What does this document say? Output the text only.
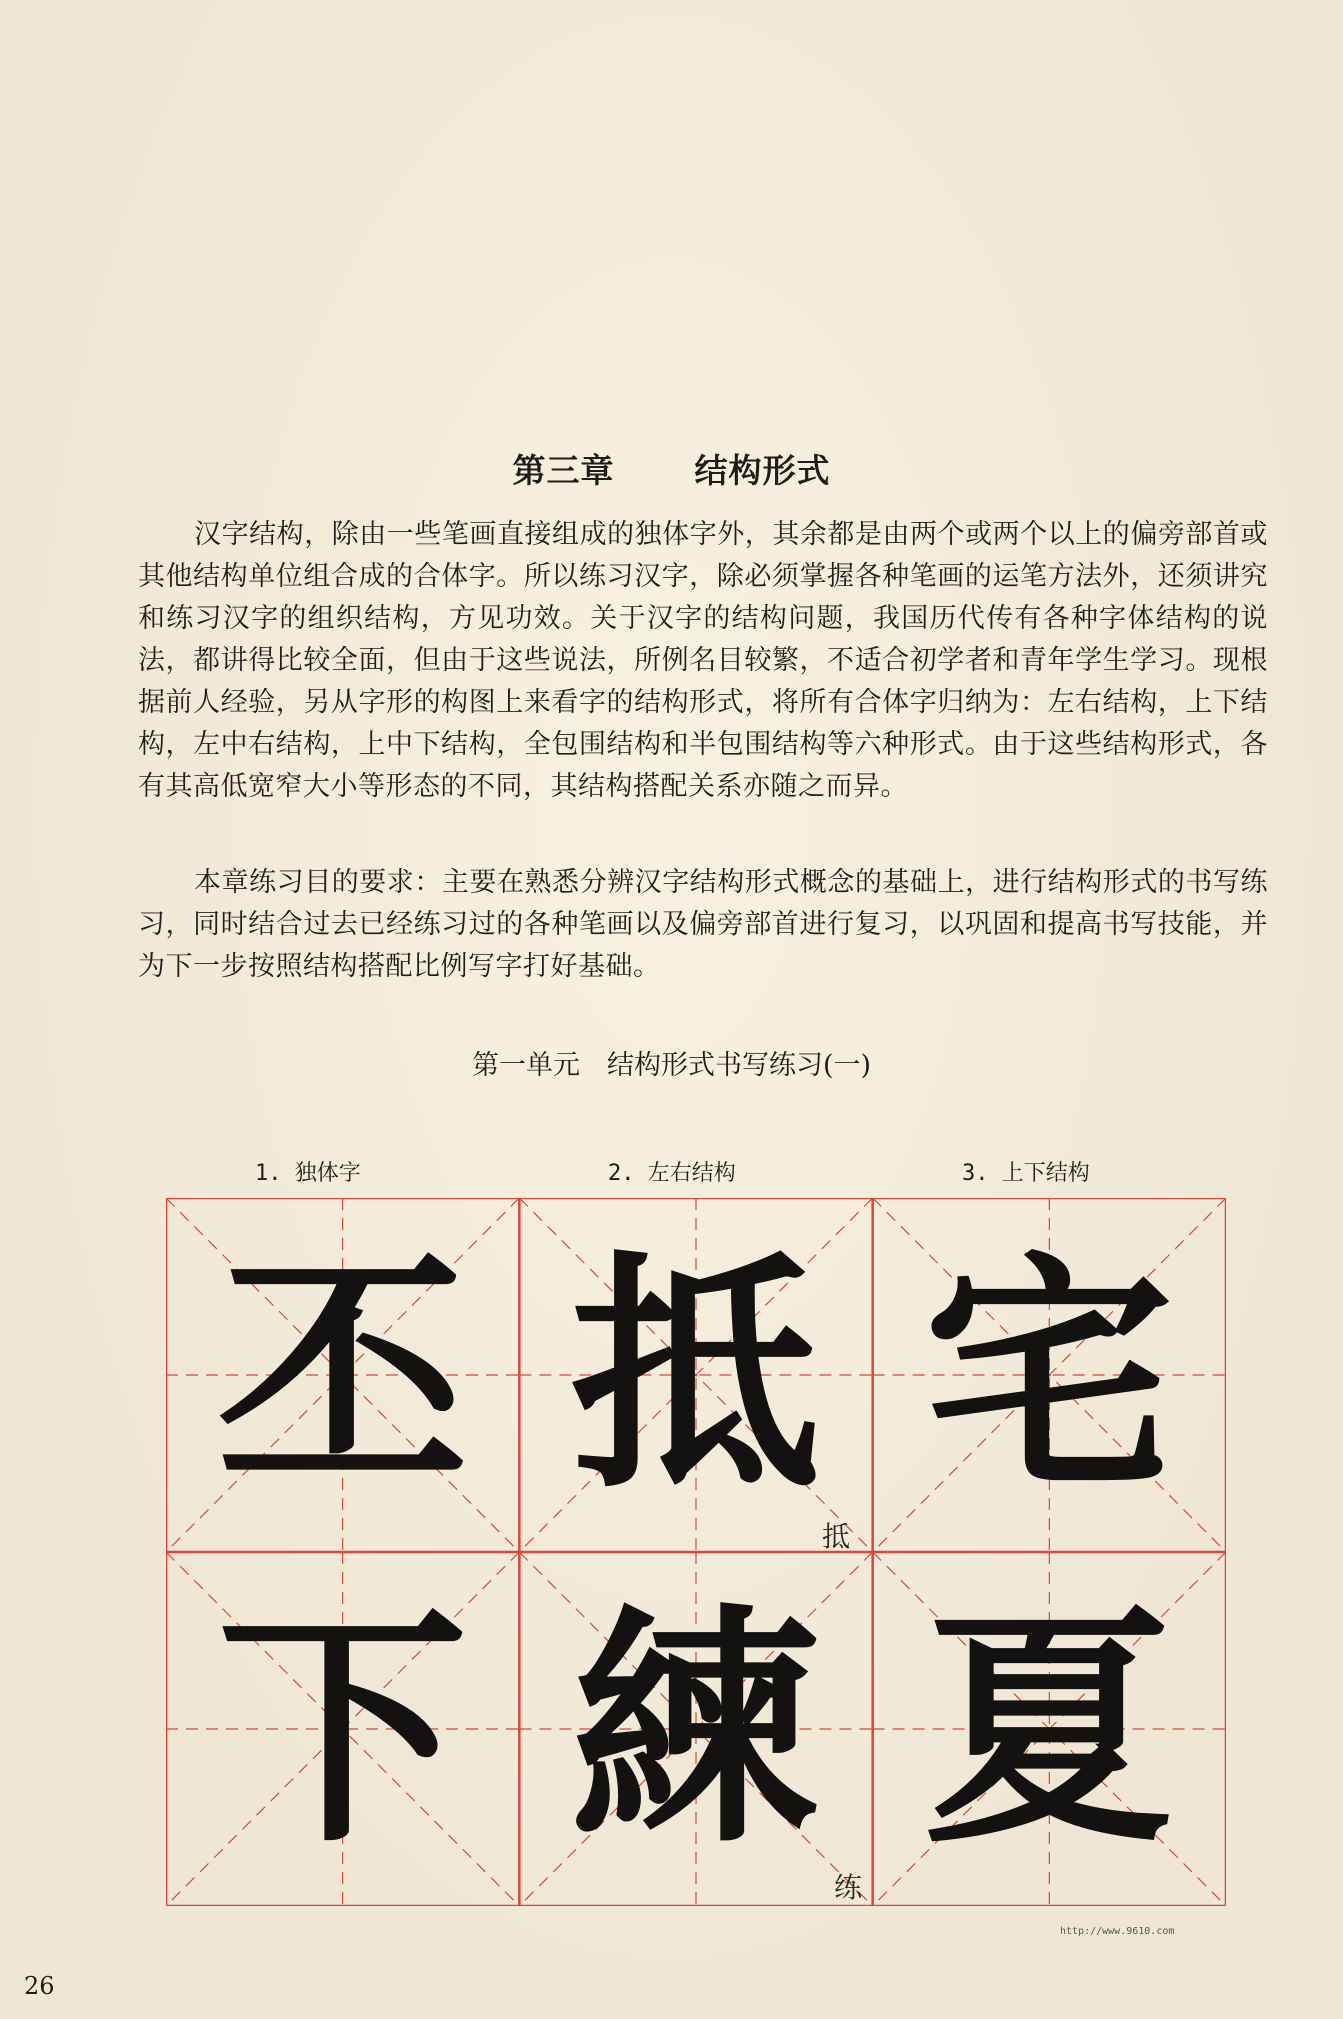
第三章 结构形式
汉字结构，除由一些笔画直接组成的独体字外，其余都是由两个或两个以上的偏旁部首或其他结构单位组合成的合体字。所以练习汉字，除必须掌握各种笔画的运笔方法外，还须讲究和练习汉字的组织结构，方见功效。关于汉字的结构问题，我国历代传有各种字体结构的说法，都讲得比较全面，但由于这些说法，所例名目较繁，不适合初学者和青年学生学习。现根据前人经验，另从字形的构图上来看字的结构形式，将所有合体字归纳为：左右结构，上下结构，左中右结构，上中下结构，全包围结构和半包围结构等六种形式。由于这些结构形式，各有其高低宽窄大小等形态的不同，其结构搭配关系亦随之而异。
本章练习目的要求：主要在熟悉分辨汉字结构形式概念的基础上，进行结构形式的书写练习，同时结合过去已经练习过的各种笔画以及偏旁部首进行复习，以巩固和提高书写技能，并为下一步按照结构搭配比例写字打好基础。
第一单元　结构形式书写练习(一)
1. 独体字	2. 左右结构	3. 上下结构
丕 抵 宅
下 練 夏
抵
练
26
http://www.9610.com
